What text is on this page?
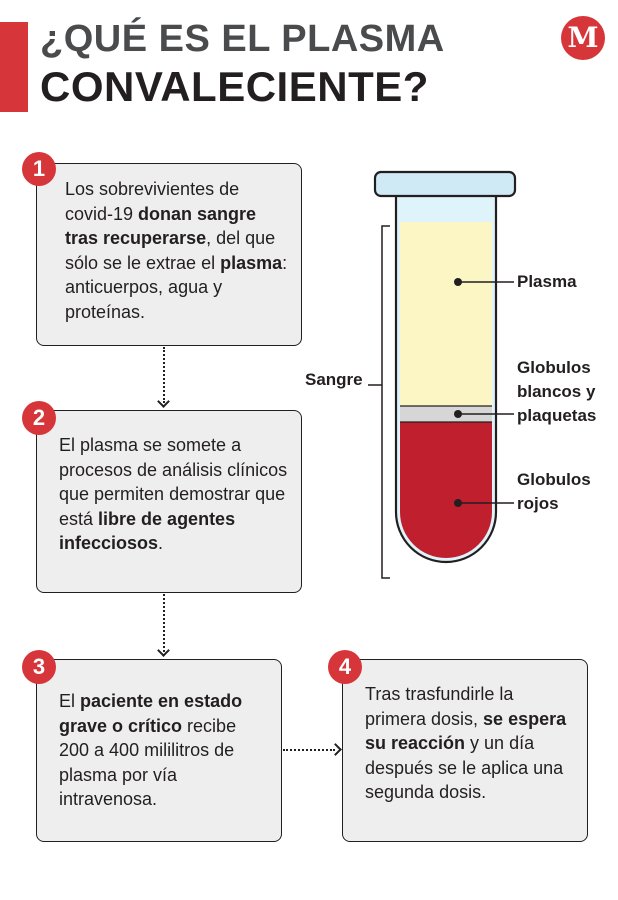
¿QUÉ ES EL PLASMA
CONVALECIENTE?
M

Los sobrevivientes de covid-19 donan sangre tras recuperarse, del que sólo se le extrae el plasma: anticuerpos, agua y proteínas.

1

El plasma se somete a procesos de análisis clínicos que permiten demostrar que está libre de agentes infecciosos.

2

El paciente en estado grave o crítico recibe 200 a 400 mililitros de plasma por vía intravenosa.

3

Tras trasfundirle la primera dosis, se espera su reacción y un día después se le aplica una segunda dosis.

4
Sangre
Plasma
Globulos blancos y plaquetas
Globulos rojos
